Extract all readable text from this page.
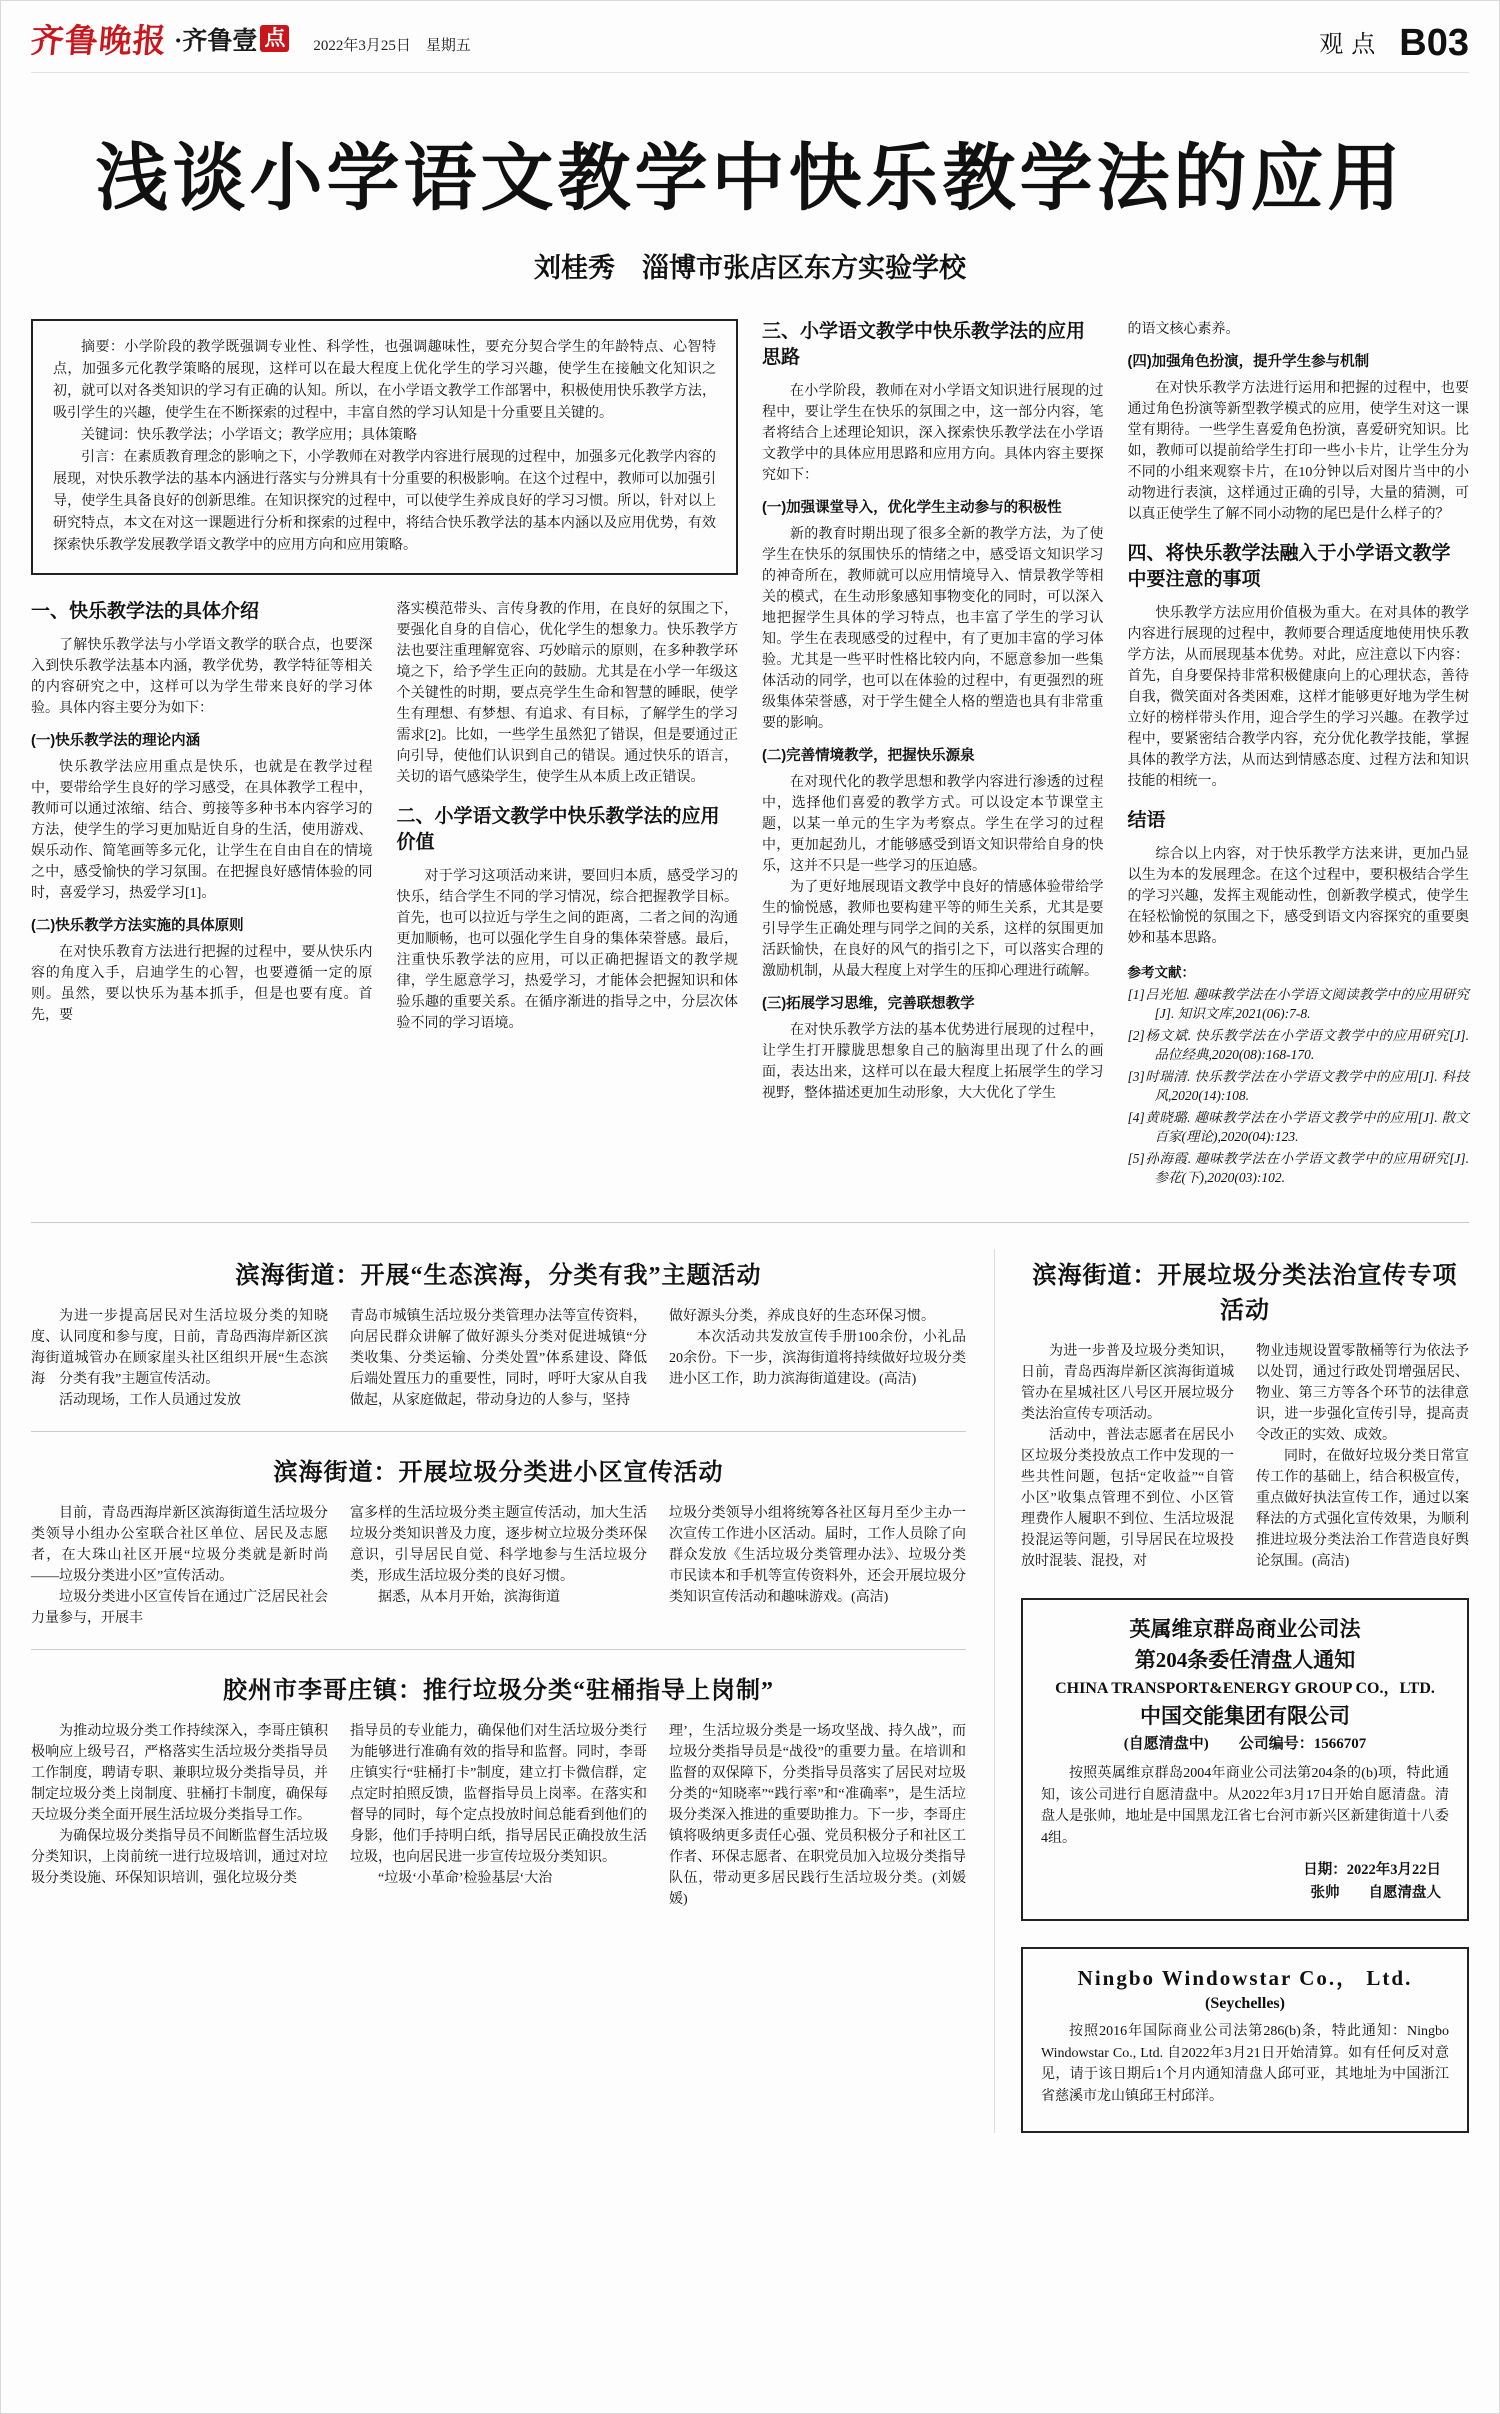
齐鲁晚报 ·齐鲁壹 点 2022年3月25日　星期五	观点 B03
浅谈小学语文教学中快乐教学法的应用
刘桂秀　淄博市张店区东方实验学校

摘要：小学阶段的教学既强调专业性、科学性，也强调趣味性，要充分契合学生的年龄特点、心智特点，加强多元化教学策略的展现，这样可以在最大程度上优化学生的学习兴趣，使学生在接触文化知识之初，就可以对各类知识的学习有正确的认知。所以，在小学语文教学工作部署中，积极使用快乐教学方法，吸引学生的兴趣，使学生在不断探索的过程中，丰富自然的学习认知是十分重要且关键的。

关键词：快乐教学法；小学语文；教学应用；具体策略

引言：在素质教育理念的影响之下，小学教师在对教学内容进行展现的过程中，加强多元化教学内容的展现，对快乐教学法的基本内涵进行落实与分辨具有十分重要的积极影响。在这个过程中，教师可以加强引导，使学生具备良好的创新思维。在知识探究的过程中，可以使学生养成良好的学习习惯。所以，针对以上研究特点，本文在对这一课题进行分析和探索的过程中，将结合快乐教学法的基本内涵以及应用优势，有效探索快乐教学发展教学语文教学中的应用方向和应用策略。

一、快乐教学法的具体介绍

了解快乐教学法与小学语文教学的联合点，也要深入到快乐教学法基本内涵，教学优势，教学特征等相关的内容研究之中，这样可以为学生带来良好的学习体验。具体内容主要分为如下：

(一)快乐教学法的理论内涵

快乐教学法应用重点是快乐，也就是在教学过程中，要带给学生良好的学习感受，在具体教学工程中，教师可以通过浓缩、结合、剪接等多种书本内容学习的方法，使学生的学习更加贴近自身的生活，使用游戏、娱乐动作、简笔画等多元化，让学生在自由自在的情境之中，感受愉快的学习氛围。在把握良好感情体验的同时，喜爱学习，热爱学习[1]。

(二)快乐教学方法实施的具体原则

在对快乐教育方法进行把握的过程中，要从快乐内容的角度入手，启迪学生的心智，也要遵循一定的原则。虽然，要以快乐为基本抓手，但是也要有度。首先，要

落实模范带头、言传身教的作用，在良好的氛围之下，要强化自身的自信心，优化学生的想象力。快乐教学方法也要注重理解宽容、巧妙暗示的原则，在多种教学环境之下，给予学生正向的鼓励。尤其是在小学一年级这个关键性的时期，要点亮学生生命和智慧的睡眠，使学生有理想、有梦想、有追求、有目标，了解学生的学习需求[2]。比如，一些学生虽然犯了错误，但是要通过正向引导，使他们认识到自己的错误。通过快乐的语言，关切的语气感染学生，使学生从本质上改正错误。

二、小学语文教学中快乐教学法的应用价值

对于学习这项活动来讲，要回归本质，感受学习的快乐，结合学生不同的学习情况，综合把握教学目标。首先，也可以拉近与学生之间的距离，二者之间的沟通更加顺畅，也可以强化学生自身的集体荣誉感。最后，注重快乐教学法的应用，可以正确把握语文的教学规律，学生愿意学习，热爱学习，才能体会把握知识和体验乐趣的重要关系。在循序渐进的指导之中，分层次体验不同的学习语境。

三、小学语文教学中快乐教学法的应用思路

在小学阶段，教师在对小学语文知识进行展现的过程中，要让学生在快乐的氛围之中，这一部分内容，笔者将结合上述理论知识，深入探索快乐教学法在小学语文教学中的具体应用思路和应用方向。具体内容主要探究如下：

(一)加强课堂导入，优化学生主动参与的积极性

新的教育时期出现了很多全新的教学方法，为了使学生在快乐的氛围快乐的情绪之中，感受语文知识学习的神奇所在，教师就可以应用情境导入、情景教学等相关的模式，在生动形象感知事物变化的同时，可以深入地把握学生具体的学习特点，也丰富了学生的学习认知。学生在表现感受的过程中，有了更加丰富的学习体验。尤其是一些平时性格比较内向，不愿意参加一些集体活动的同学，也可以在体验的过程中，有更强烈的班级集体荣誉感，对于学生健全人格的塑造也具有非常重要的影响。

(二)完善情境教学，把握快乐源泉

在对现代化的教学思想和教学内容进行渗透的过程中，选择他们喜爱的教学方式。可以设定本节课堂主题，以某一单元的生字为考察点。学生在学习的过程中，更加起劲儿，才能够感受到语文知识带给自身的快乐，这并不只是一些学习的压迫感。

为了更好地展现语文教学中良好的情感体验带给学生的愉悦感，教师也要构建平等的师生关系，尤其是要引导学生正确处理与同学之间的关系，这样的氛围更加活跃愉快，在良好的风气的指引之下，可以落实合理的激励机制，从最大程度上对学生的压抑心理进行疏解。

(三)拓展学习思维，完善联想教学

在对快乐教学方法的基本优势进行展现的过程中，让学生打开朦胧思想象自己的脑海里出现了什么的画面，表达出来，这样可以在最大程度上拓展学生的学习视野，整体描述更加生动形象，大大优化了学生

的语文核心素养。

(四)加强角色扮演，提升学生参与机制

在对快乐教学方法进行运用和把握的过程中，也要通过角色扮演等新型教学模式的应用，使学生对这一课堂有期待。一些学生喜爱角色扮演，喜爱研究知识。比如，教师可以提前给学生打印一些小卡片，让学生分为不同的小组来观察卡片，在10分钟以后对图片当中的小动物进行表演，这样通过正确的引导，大量的猜测，可以真正使学生了解不同小动物的尾巴是什么样子的？

四、将快乐教学法融入于小学语文教学中要注意的事项

快乐教学方法应用价值极为重大。在对具体的教学内容进行展现的过程中，教师要合理适度地使用快乐教学方法，从而展现基本优势。对此，应注意以下内容：首先，自身要保持非常积极健康向上的心理状态，善待自我，微笑面对各类困难，这样才能够更好地为学生树立好的榜样带头作用，迎合学生的学习兴趣。在教学过程中，要紧密结合教学内容，充分优化教学技能，掌握具体的教学方法，从而达到情感态度、过程方法和知识技能的相统一。

结语

综合以上内容，对于快乐教学方法来讲，更加凸显以生为本的发展理念。在这个过程中，要积极结合学生的学习兴趣，发挥主观能动性，创新教学模式，使学生在轻松愉悦的氛围之下，感受到语文内容探究的重要奥妙和基本思路。

参考文献：

[1]吕光旭. 趣味教学法在小学语文阅读教学中的应用研究[J]. 知识文库,2021(06):7-8.

[2]杨文斌. 快乐教学法在小学语文教学中的应用研究[J]. 品位经典,2020(08):168-170.

[3]时瑞清. 快乐教学法在小学语文教学中的应用[J]. 科技风,2020(14):108.

[4]黄晓璐. 趣味教学法在小学语文教学中的应用[J]. 散文百家(理论),2020(04):123.

[5]孙海霞. 趣味教学法在小学语文教学中的应用研究[J]. 参花(下),2020(03):102.

滨海街道：开展“生态滨海，分类有我”主题活动

为进一步提高居民对生活垃圾分类的知晓度、认同度和参与度，日前，青岛西海岸新区滨海街道城管办在顾家崖头社区组织开展“生态滨海　分类有我”主题宣传活动。

活动现场，工作人员通过发放

青岛市城镇生活垃圾分类管理办法等宣传资料，向居民群众讲解了做好源头分类对促进城镇“分类收集、分类运输、分类处置”体系建设、降低后端处置压力的重要性，同时，呼吁大家从自我做起，从家庭做起，带动身边的人参与，坚持

做好源头分类，养成良好的生态环保习惯。

本次活动共发放宣传手册100余份，小礼品20余份。下一步，滨海街道将持续做好垃圾分类进小区工作，助力滨海街道建设。(高洁)

滨海街道：开展垃圾分类进小区宣传活动

目前，青岛西海岸新区滨海街道生活垃圾分类领导小组办公室联合社区单位、居民及志愿者，在大珠山社区开展“垃圾分类就是新时尚——垃圾分类进小区”宣传活动。

垃圾分类进小区宣传旨在通过广泛居民社会力量参与，开展丰

富多样的生活垃圾分类主题宣传活动，加大生活垃圾分类知识普及力度，逐步树立垃圾分类环保意识，引导居民自觉、科学地参与生活垃圾分类，形成生活垃圾分类的良好习惯。

据悉，从本月开始，滨海街道

垃圾分类领导小组将统筹各社区每月至少主办一次宣传工作进小区活动。届时，工作人员除了向群众发放《生活垃圾分类管理办法》、垃圾分类市民读本和手机等宣传资料外，还会开展垃圾分类知识宣传活动和趣味游戏。(高洁)

胶州市李哥庄镇：推行垃圾分类“驻桶指导上岗制”

为推动垃圾分类工作持续深入，李哥庄镇积极响应上级号召，严格落实生活垃圾分类指导员工作制度，聘请专职、兼职垃圾分类指导员，并制定垃圾分类上岗制度、驻桶打卡制度，确保每天垃圾分类全面开展生活垃圾分类指导工作。

为确保垃圾分类指导员不间断监督生活垃圾分类知识，上岗前统一进行垃圾培训，通过对垃圾分类设施、环保知识培训，强化垃圾分类

指导员的专业能力，确保他们对生活垃圾分类行为能够进行准确有效的指导和监督。同时，李哥庄镇实行“驻桶打卡”制度，建立打卡微信群，定点定时拍照反馈，监督指导员上岗率。在落实和督导的同时，每个定点投放时间总能看到他们的身影，他们手持明白纸，指导居民正确投放生活垃圾，也向居民进一步宣传垃圾分类知识。

“垃圾‘小革命’检验基层‘大治

理’，生活垃圾分类是一场攻坚战、持久战”，而垃圾分类指导员是“战役”的重要力量。在培训和监督的双保障下，分类指导员落实了居民对垃圾分类的“知晓率”“践行率”和“准确率”，是生活垃圾分类深入推进的重要助推力。下一步，李哥庄镇将吸纳更多责任心强、党员积极分子和社区工作者、环保志愿者、在职党员加入垃圾分类指导队伍，带动更多居民践行生活垃圾分类。(刘媛媛)

滨海街道：开展垃圾分类法治宣传专项活动

为进一步普及垃圾分类知识，日前，青岛西海岸新区滨海街道城管办在星城社区八号区开展垃圾分类法治宣传专项活动。

活动中，普法志愿者在居民小区垃圾分类投放点工作中发现的一些共性问题，包括“定收益”“自管小区”收集点管理不到位、小区管理费作人履职不到位、生活垃圾混投混运等问题，引导居民在垃圾投放时混装、混投，对

物业违规设置零散桶等行为依法予以处罚，通过行政处罚增强居民、物业、第三方等各个环节的法律意识，进一步强化宣传引导，提高责令改正的实效、成效。

同时，在做好垃圾分类日常宣传工作的基础上，结合积极宣传，重点做好执法宣传工作，通过以案释法的方式强化宣传效果，为顺利推进垃圾分类法治工作营造良好舆论氛围。(高洁)

英属维京群岛商业公司法
第204条委任清盘人通知
CHINA TRANSPORT&ENERGY GROUP CO.，LTD.
中国交能集团有限公司
(自愿清盘中)　　公司编号：1566707

按照英属维京群岛2004年商业公司法第204条的(b)项，特此通知，该公司进行自愿清盘中。从2022年3月17日开始自愿清盘。清盘人是张帅，地址是中国黑龙江省七台河市新兴区新建街道十八委4组。

日期：2022年3月22日
张帅　　自愿清盘人
Ningbo Windowstar Co.， Ltd.
(Seychelles)

按照2016年国际商业公司法第286(b)条，特此通知：Ningbo Windowstar Co., Ltd. 自2022年3月21日开始清算。如有任何反对意见，请于该日期后1个月内通知清盘人邱可亚，其地址为中国浙江省慈溪市龙山镇邱王村邱洋。
